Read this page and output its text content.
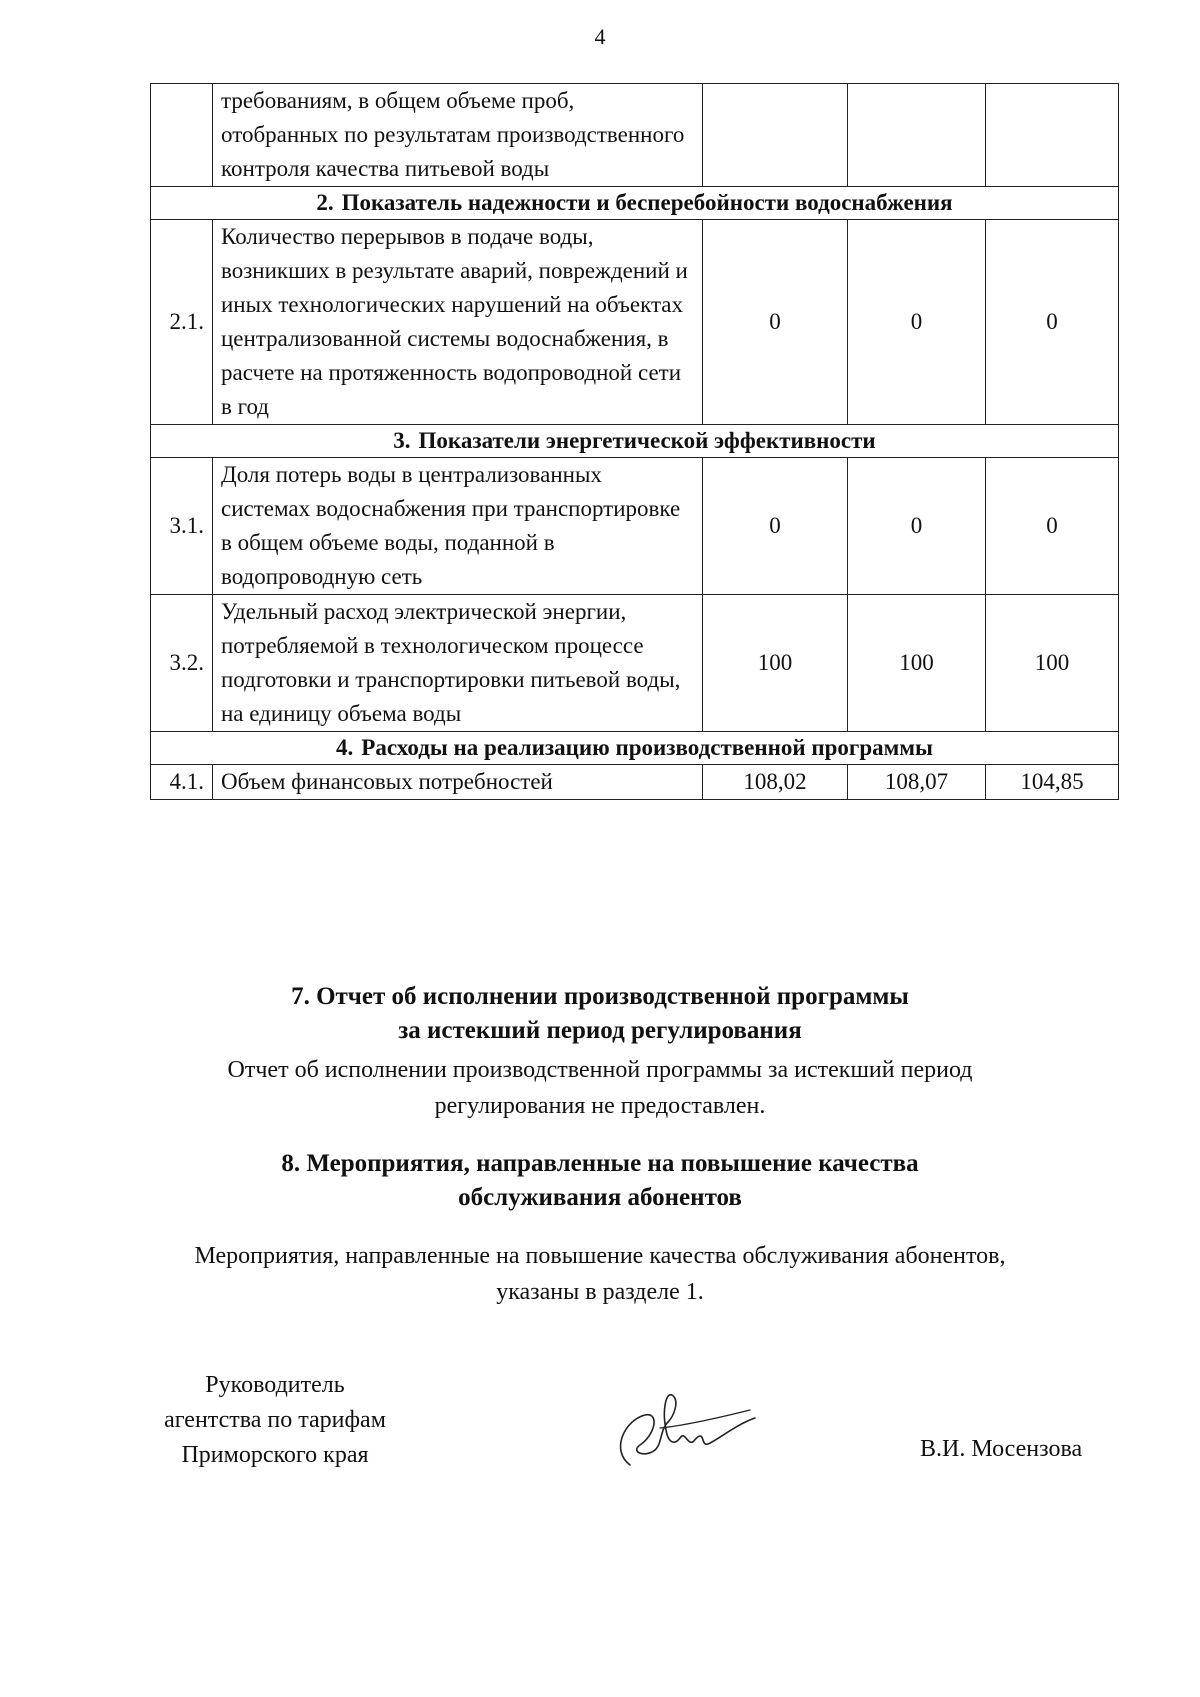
4
	требованиям, в общем объеме проб, отобранных по результатам производственного контроля качества питьевой воды			
2. Показатель надежности и бесперебойности водоснабжения				
2.1.	Количество перерывов в подаче воды, возникших в результате аварий, повреждений и иных технологических нарушений на объектах централизованной системы водоснабжения, в расчете на протяженность водопроводной сети в год	0	0	0
3. Показатели энергетической эффективности				
3.1.	Доля потерь воды в централизованных системах водоснабжения при транспортировке в общем объеме воды, поданной в водопроводную сеть	0	0	0
3.2.	Удельный расход электрической энергии, потребляемой в технологическом процессе подготовки и транспортировки питьевой воды, на единицу объема воды	100	100	100
4. Расходы на реализацию производственной программы				
4.1.	Объем финансовых потребностей	108,02	108,07	104,85
7. Отчет об исполнении производственной программы
за истекший период регулирования
Отчет об исполнении производственной программы за истекший период
регулирования не предоставлен.
8. Мероприятия, направленные на повышение качества
обслуживания абонентов
Мероприятия, направленные на повышение качества обслуживания абонентов,
указаны в разделе 1.
Руководитель
агентства по тарифам
Приморского края	В.И. Мосензова
